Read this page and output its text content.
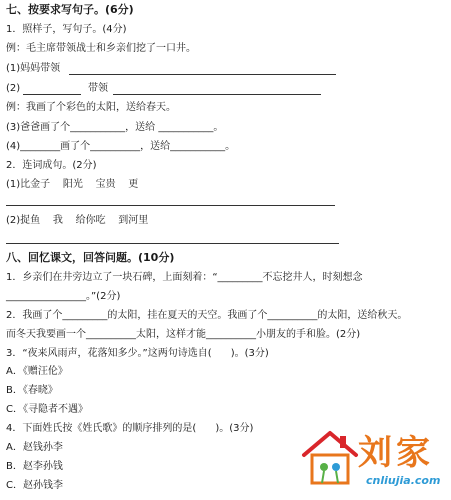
七、按要求写句子。(6分)
1．照样子，写句子。(4分)
例：毛主席带领战士和乡亲们挖了一口井。
(1)妈妈带领
(2)	带领
例：我画了个彩色的太阳，送给春天。
(3)爸爸画了个___________，送给 ___________。
(4)________画了个__________，送给___________。
2．连词成句。(2分)
(1)比金子    阳光    宝贵    更
(2)捉鱼    我    给你吃    到河里
八、回忆课文，回答问题。(10分)
1．乡亲们在井旁边立了一块石碑，上面刻着：“_________不忘挖井人，时刻想念
________________。”(2分)
2．我画了个_________的太阳，挂在夏天的天空。我画了个__________的太阳，送给秋天。
而冬天我要画一个__________太阳，这样才能__________小朋友的手和脸。(2分)
3．“夜来风雨声，花落知多少。”这两句诗选自(      )。(3分)
A．《赠汪伦》
B．《春晓》
C．《寻隐者不遇》
4．下面姓氏按《姓氏歌》的顺序排列的是(      )。(3分)
A．赵钱孙李
B．赵李孙钱
C．赵孙钱李
刘家
cnliujia.com
